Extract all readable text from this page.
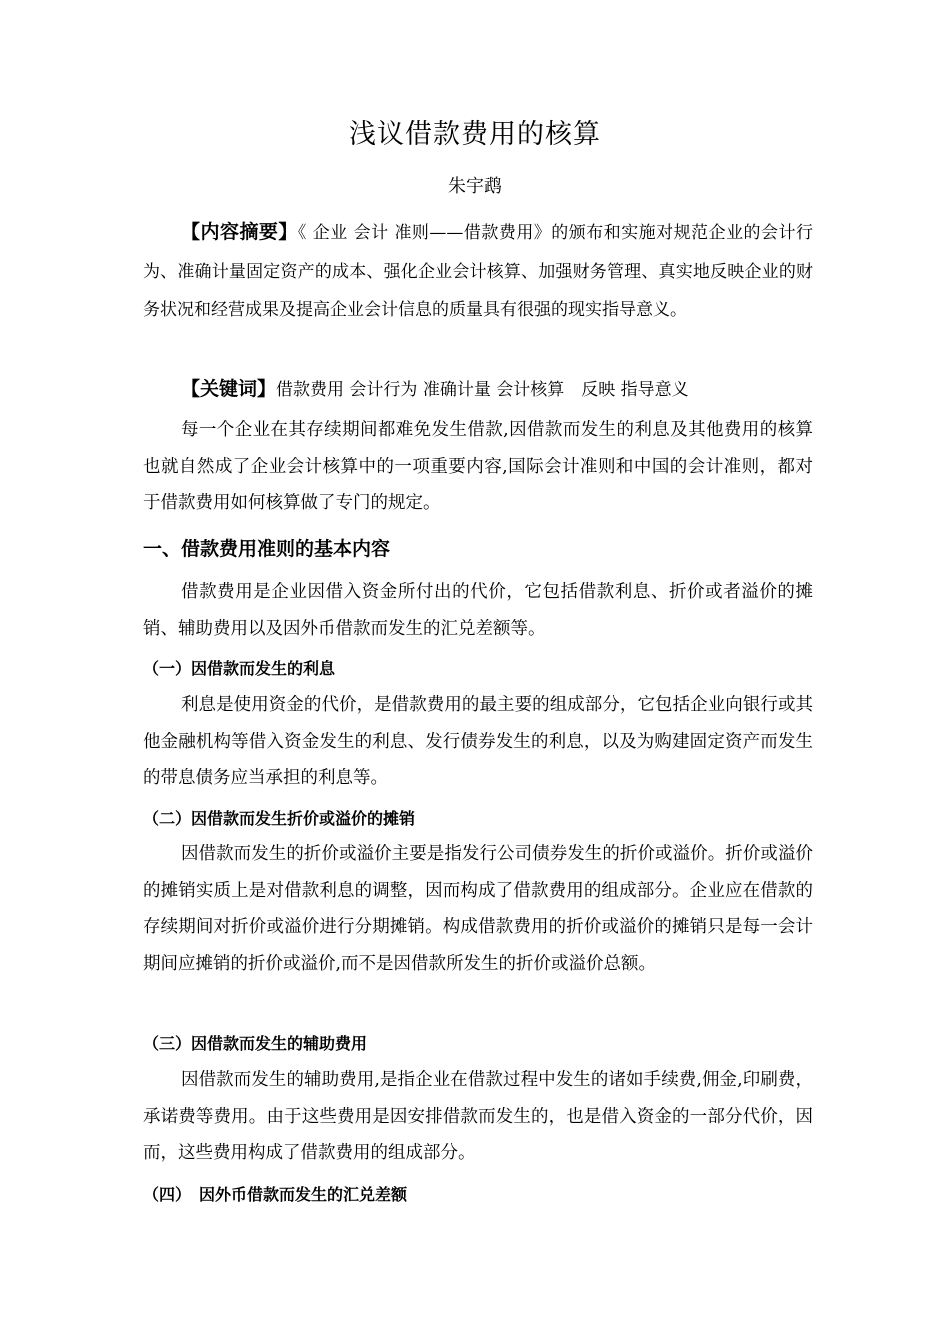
浅议借款费用的核算
朱宇鹉

【内容摘要】《 企业 会计 准则——借款费用》的颁布和实施对规范企业的会计行为、准确计量固定资产的成本、强化企业会计核算、加强财务管理、真实地反映企业的财务状况和经营成果及提高企业会计信息的质量具有很强的现实指导意义。

【关键词】借款费用 会计行为 准确计量 会计核算　反映 指导意义

每一个企业在其存续期间都难免发生借款,因借款而发生的利息及其他费用的核算也就自然成了企业会计核算中的一项重要内容,国际会计准则和中国的会计准则，都对于借款费用如何核算做了专门的规定。

一、借款费用准则的基本内容

借款费用是企业因借入资金所付出的代价，它包括借款利息、折价或者溢价的摊销、辅助费用以及因外币借款而发生的汇兑差额等。

（一）因借款而发生的利息

利息是使用资金的代价，是借款费用的最主要的组成部分，它包括企业向银行或其他金融机构等借入资金发生的利息、发行债券发生的利息，以及为购建固定资产而发生的带息债务应当承担的利息等。

（二）因借款而发生折价或溢价的摊销

因借款而发生的折价或溢价主要是指发行公司债券发生的折价或溢价。折价或溢价的摊销实质上是对借款利息的调整，因而构成了借款费用的组成部分。企业应在借款的存续期间对折价或溢价进行分期摊销。构成借款费用的折价或溢价的摊销只是每一会计期间应摊销的折价或溢价,而不是因借款所发生的折价或溢价总额。

（三）因借款而发生的辅助费用

因借款而发生的辅助费用,是指企业在借款过程中发生的诸如手续费,佣金,印刷费，承诺费等费用。由于这些费用是因安排借款而发生的，也是借入资金的一部分代价，因而，这些费用构成了借款费用的组成部分。

（四）　因外币借款而发生的汇兑差额
